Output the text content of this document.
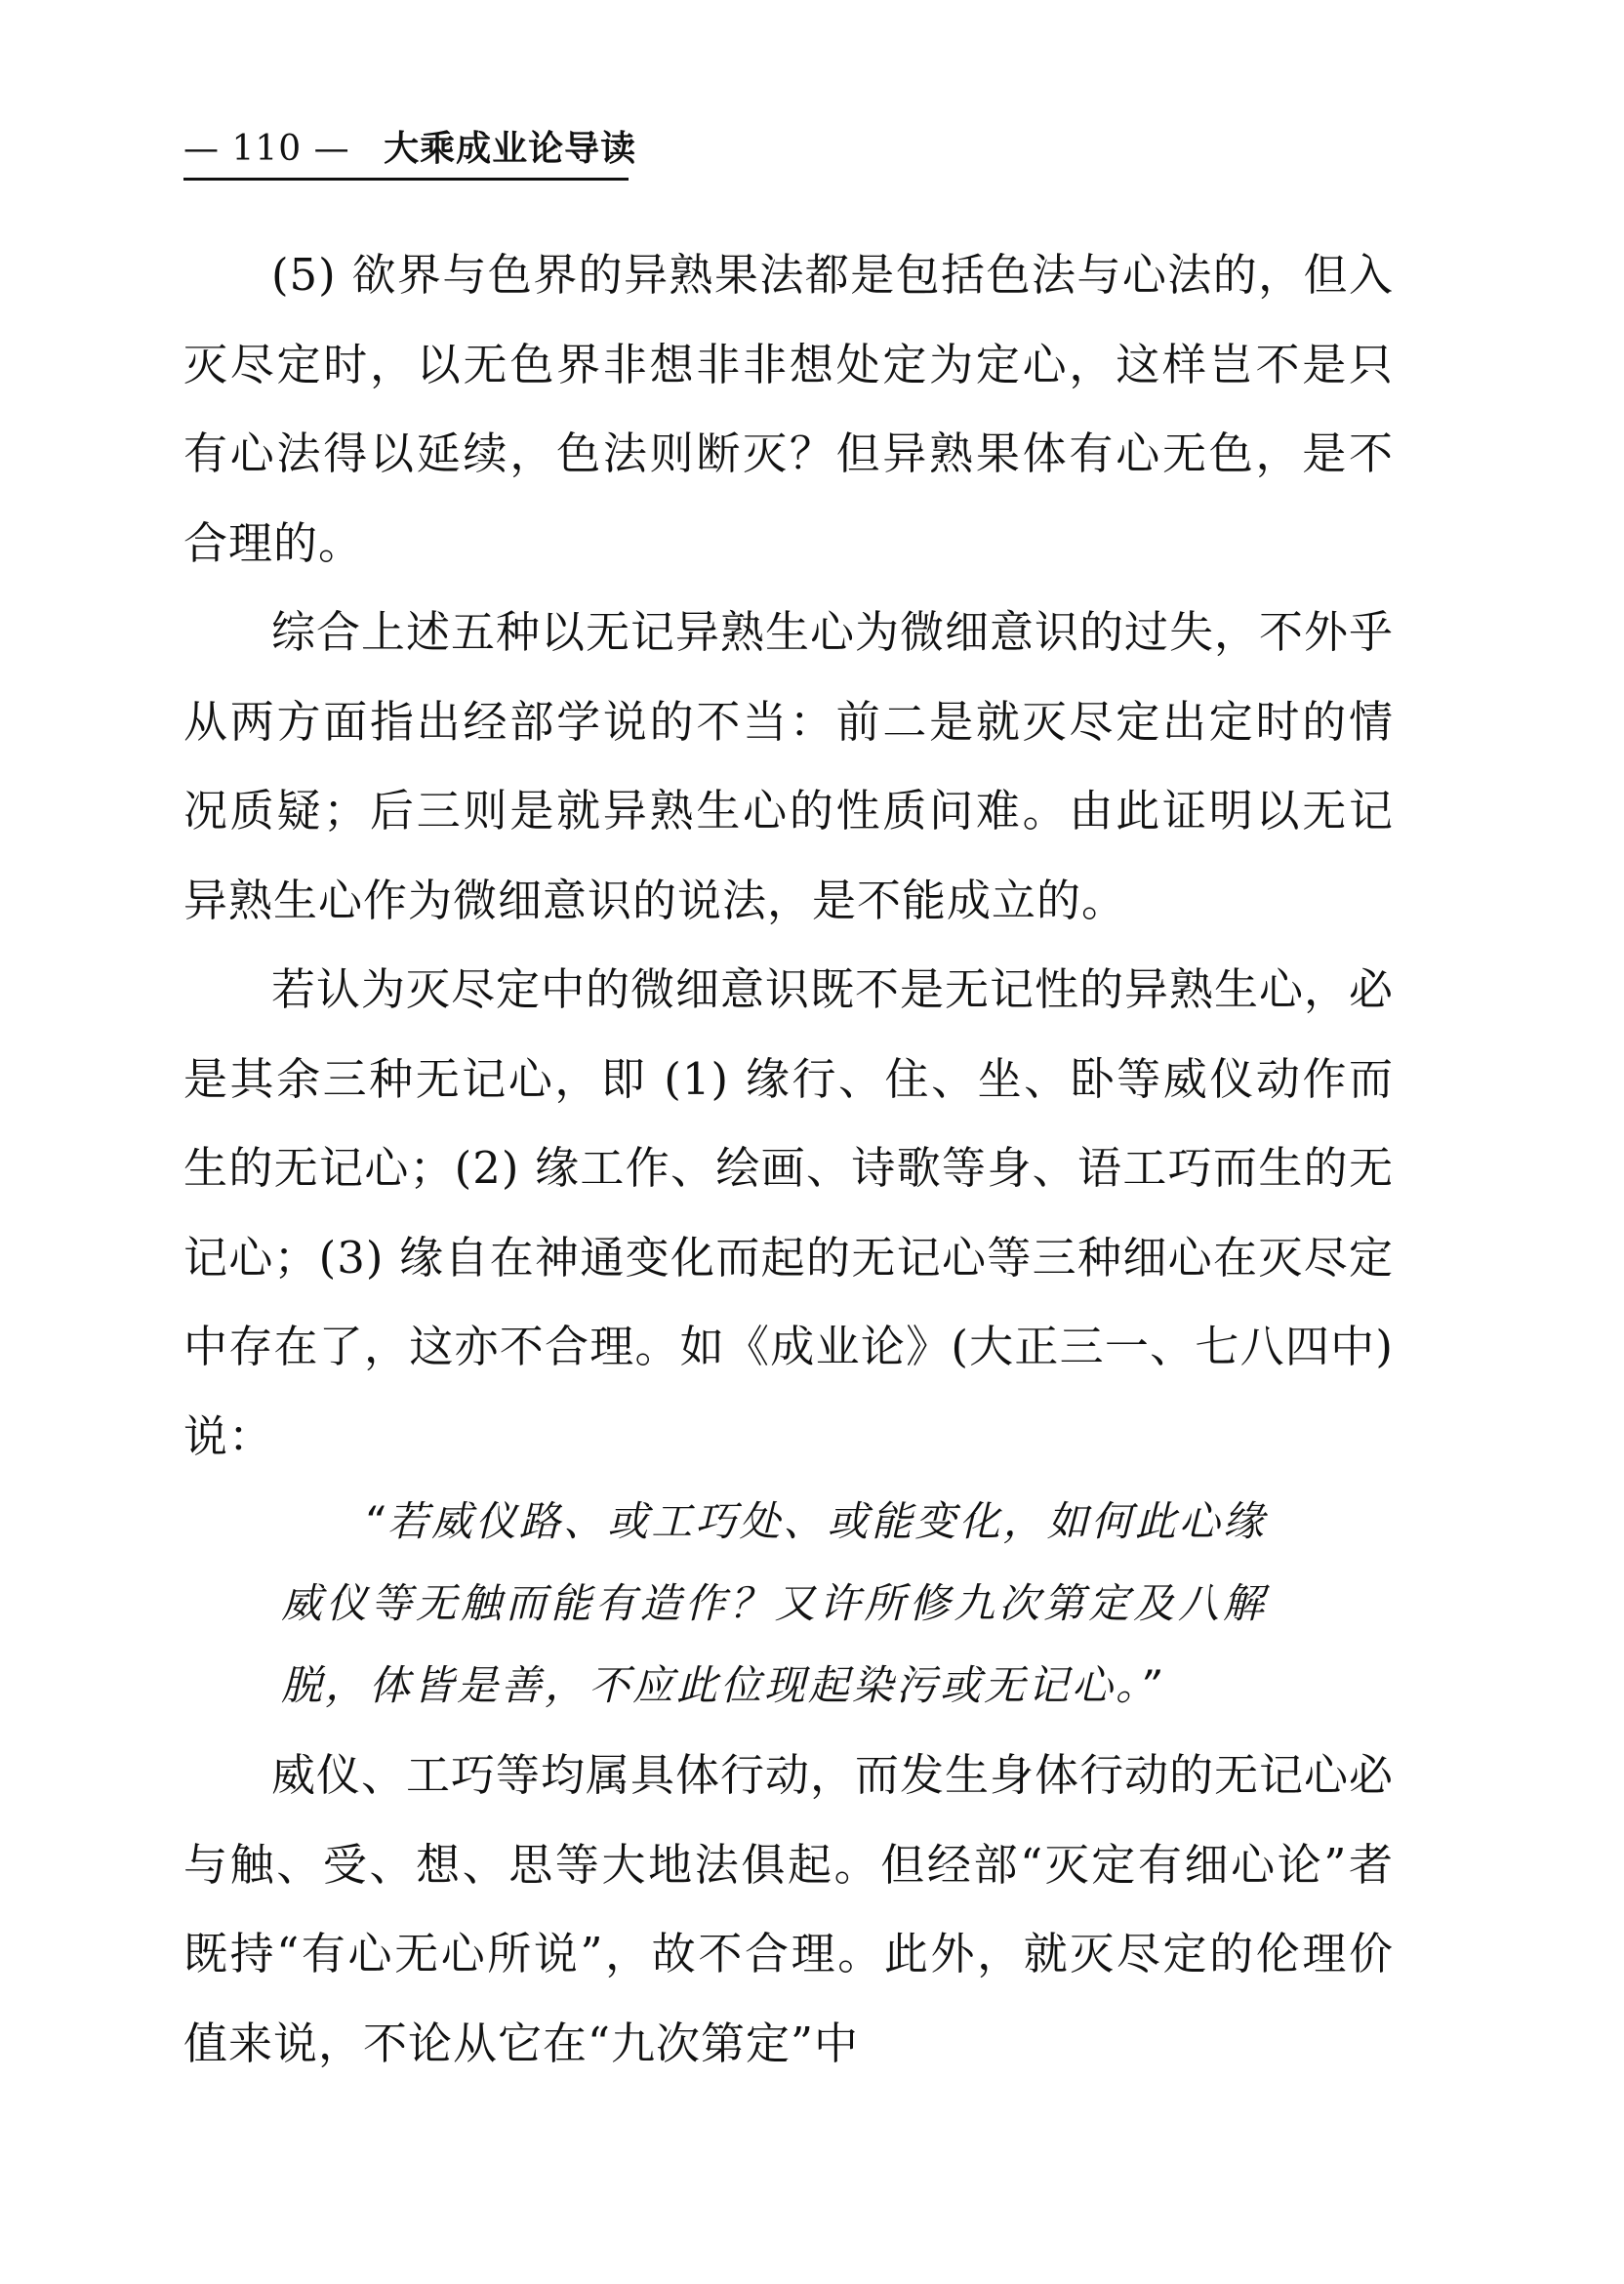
— 110 — 大乘成业论导读

(5) 欲界与色界的异熟果法都是包括色法与心法的，但入灭尽定时，以无色界非想非非想处定为定心，这样岂不是只有心法得以延续，色法则断灭？但异熟果体有心无色，是不合理的。

综合上述五种以无记异熟生心为微细意识的过失，不外乎从两方面指出经部学说的不当：前二是就灭尽定出定时的情况质疑；后三则是就异熟生心的性质问难。由此证明以无记异熟生心作为微细意识的说法，是不能成立的。

若认为灭尽定中的微细意识既不是无记性的异熟生心，必是其余三种无记心，即 (1) 缘行、住、坐、卧等威仪动作而生的无记心；(2) 缘工作、绘画、诗歌等身、语工巧而生的无记心；(3) 缘自在神通变化而起的无记心等三种细心在灭尽定中存在了，这亦不合理。如《成业论》(大正三一、七八四中) 说：

“若威仪路、或工巧处、或能变化，如何此心缘威仪等无触而能有造作？又许所修九次第定及八解脱，体皆是善，不应此位现起染污或无记心。”

威仪、工巧等均属具体行动，而发生身体行动的无记心必与触、受、想、思等大地法俱起。但经部“灭定有细心论”者既持“有心无心所说”，故不合理。此外，就灭尽定的伦理价值来说，不论从它在“九次第定”中
